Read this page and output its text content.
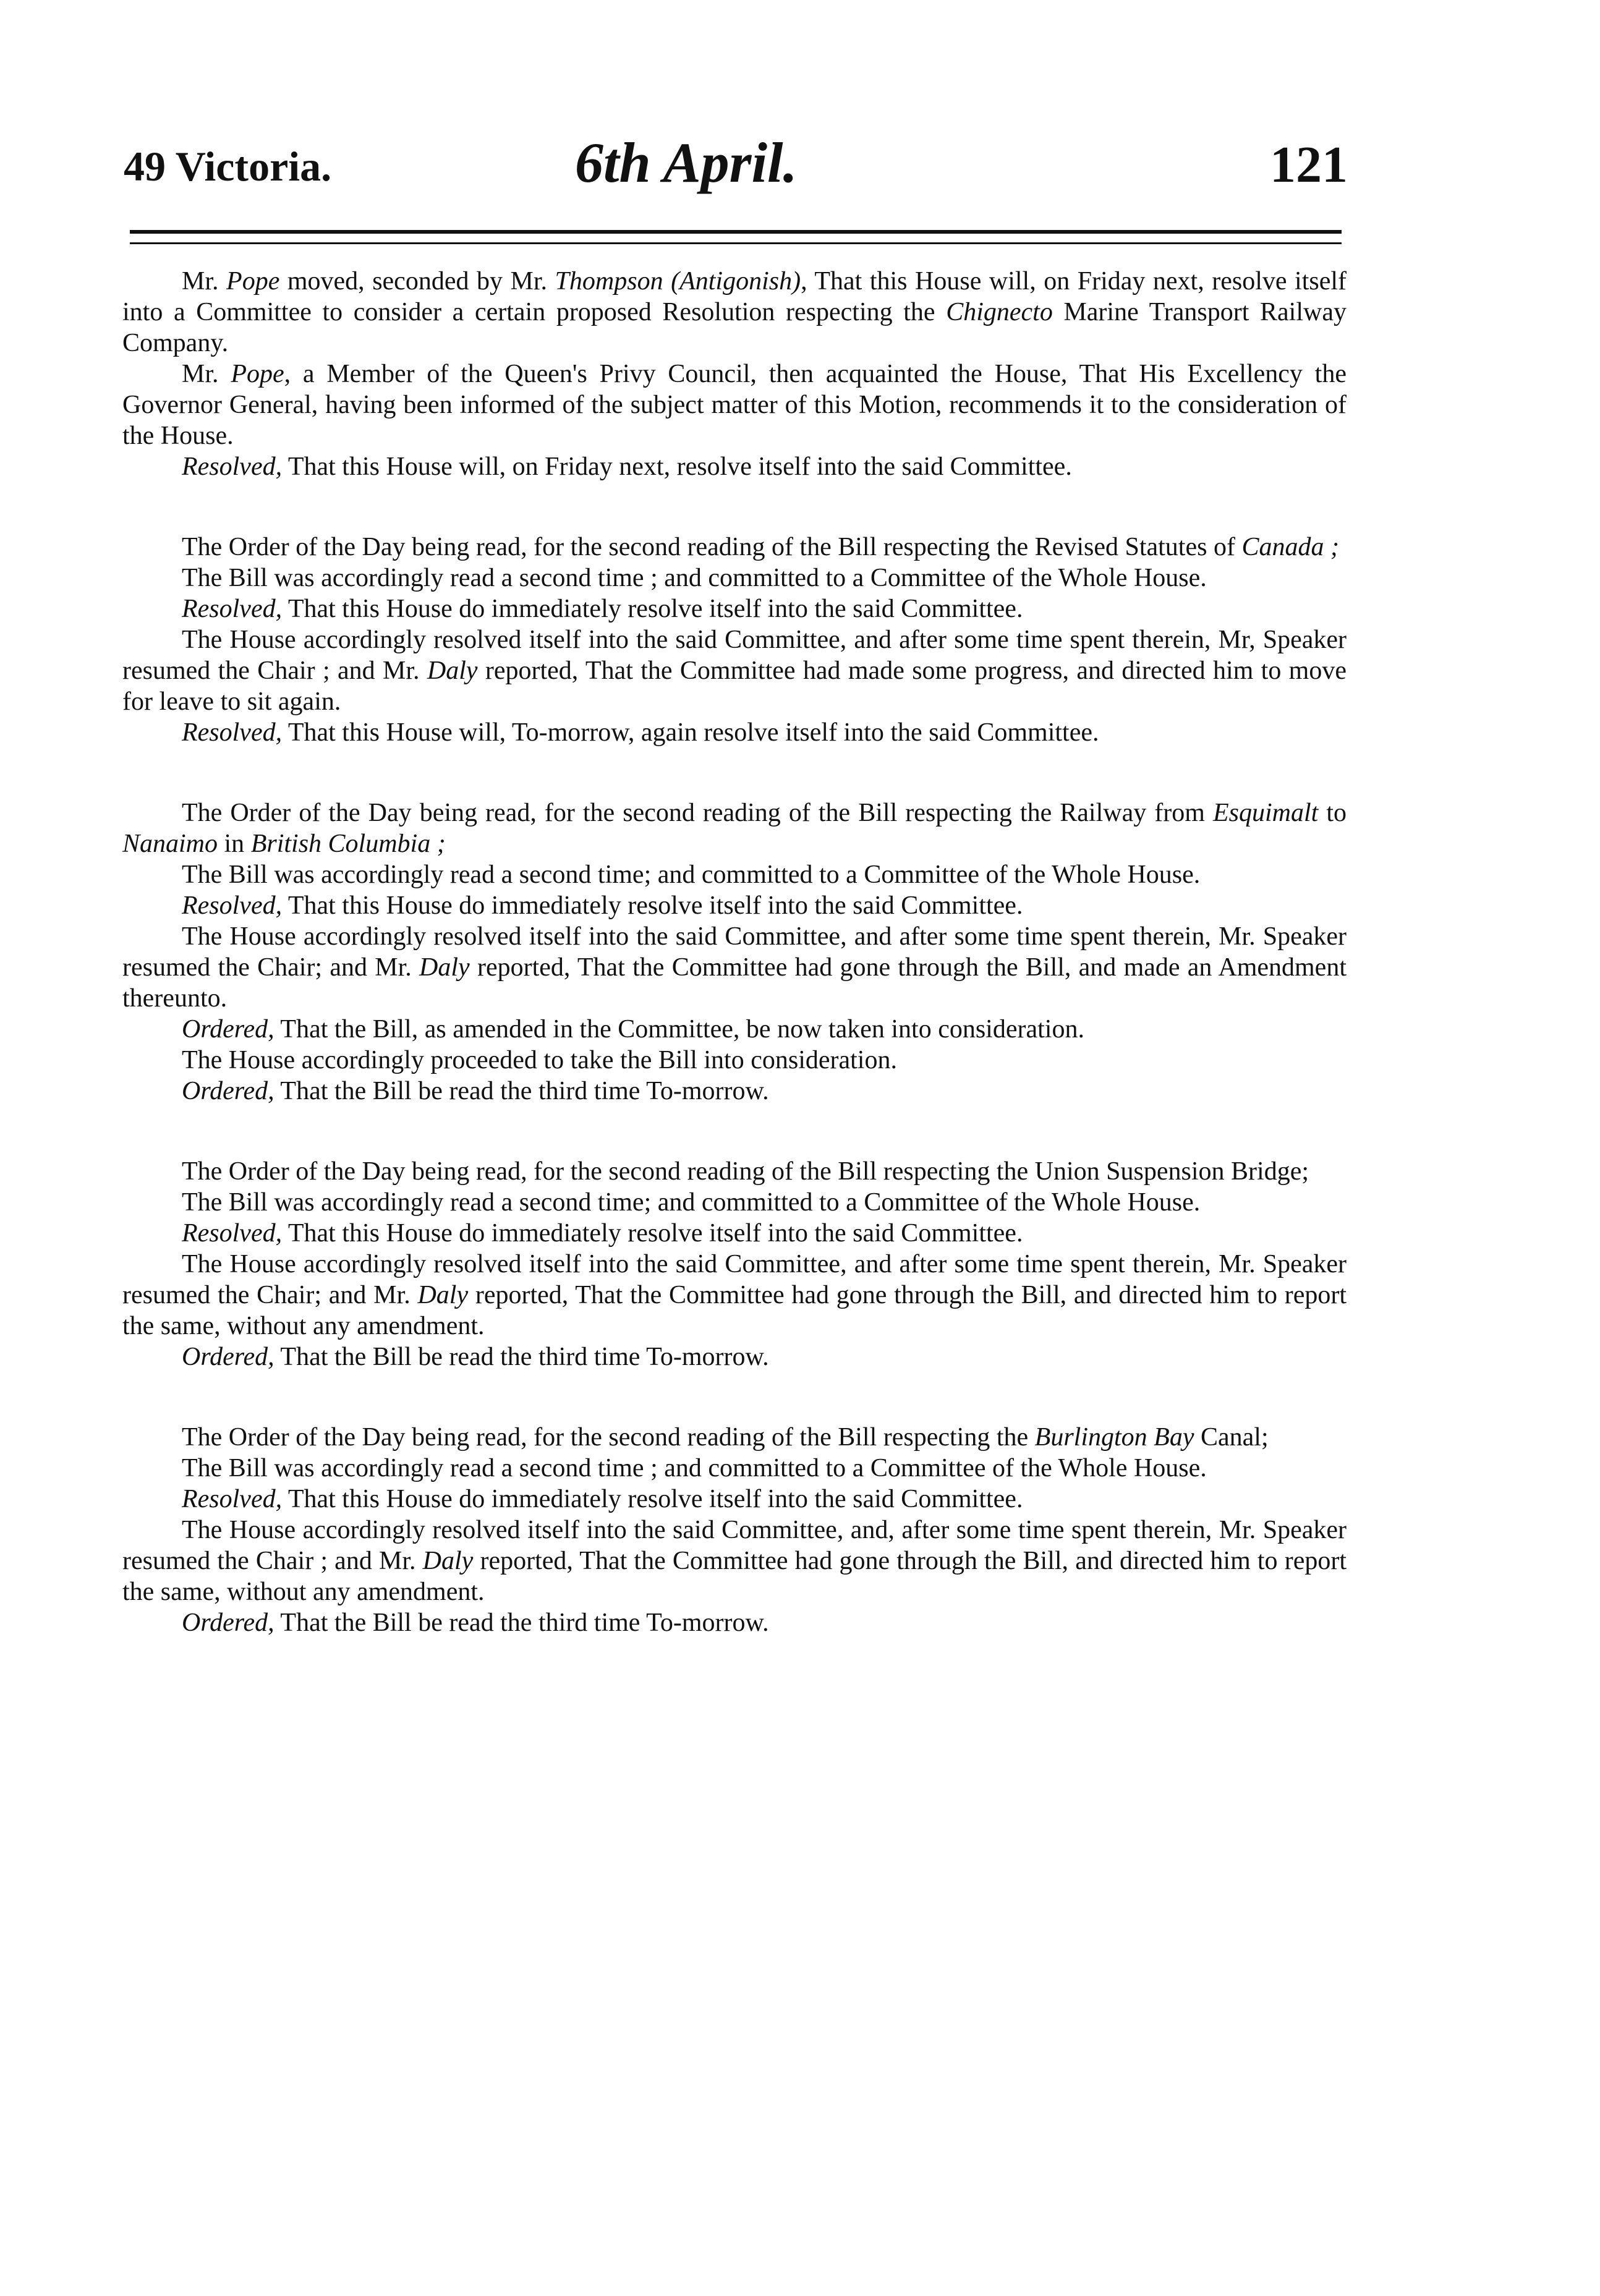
49 Victoria.	6th April.	121

Mr. Pope moved, seconded by Mr. Thompson (Antigonish), That this House will, on Friday next, resolve itself into a Committee to consider a certain proposed Resolution respecting the Chignecto Marine Transport Railway Company.

Mr. Pope, a Member of the Queen's Privy Council, then acquainted the House, That His Excellency the Governor General, having been informed of the subject matter of this Motion, recommends it to the consideration of the House.

Resolved, That this House will, on Friday next, resolve itself into the said Committee.

The Order of the Day being read, for the second reading of the Bill respecting the Revised Statutes of Canada ;

The Bill was accordingly read a second time ; and committed to a Committee of the Whole House.

Resolved, That this House do immediately resolve itself into the said Committee.

The House accordingly resolved itself into the said Committee, and after some time spent therein, Mr, Speaker resumed the Chair ; and Mr. Daly reported, That the Committee had made some progress, and directed him to move for leave to sit again.

Resolved, That this House will, To-morrow, again resolve itself into the said Committee.

The Order of the Day being read, for the second reading of the Bill respecting the Railway from Esquimalt to Nanaimo in British Columbia ;

The Bill was accordingly read a second time; and committed to a Committee of the Whole House.

Resolved, That this House do immediately resolve itself into the said Committee.

The House accordingly resolved itself into the said Committee, and after some time spent therein, Mr. Speaker resumed the Chair; and Mr. Daly reported, That the Committee had gone through the Bill, and made an Amendment thereunto.

Ordered, That the Bill, as amended in the Committee, be now taken into consideration.

The House accordingly proceeded to take the Bill into consideration.

Ordered, That the Bill be read the third time To-morrow.

The Order of the Day being read, for the second reading of the Bill respecting the Union Suspension Bridge;

The Bill was accordingly read a second time; and committed to a Committee of the Whole House.

Resolved, That this House do immediately resolve itself into the said Committee.

The House accordingly resolved itself into the said Committee, and after some time spent therein, Mr. Speaker resumed the Chair; and Mr. Daly reported, That the Committee had gone through the Bill, and directed him to report the same, without any amendment.

Ordered, That the Bill be read the third time To-morrow.

The Order of the Day being read, for the second reading of the Bill respecting the Burlington Bay Canal;

The Bill was accordingly read a second time ; and committed to a Committee of the Whole House.

Resolved, That this House do immediately resolve itself into the said Committee.

The House accordingly resolved itself into the said Committee, and, after some time spent therein, Mr. Speaker resumed the Chair ; and Mr. Daly reported, That the Committee had gone through the Bill, and directed him to report the same, without any amendment.

Ordered, That the Bill be read the third time To-morrow.
